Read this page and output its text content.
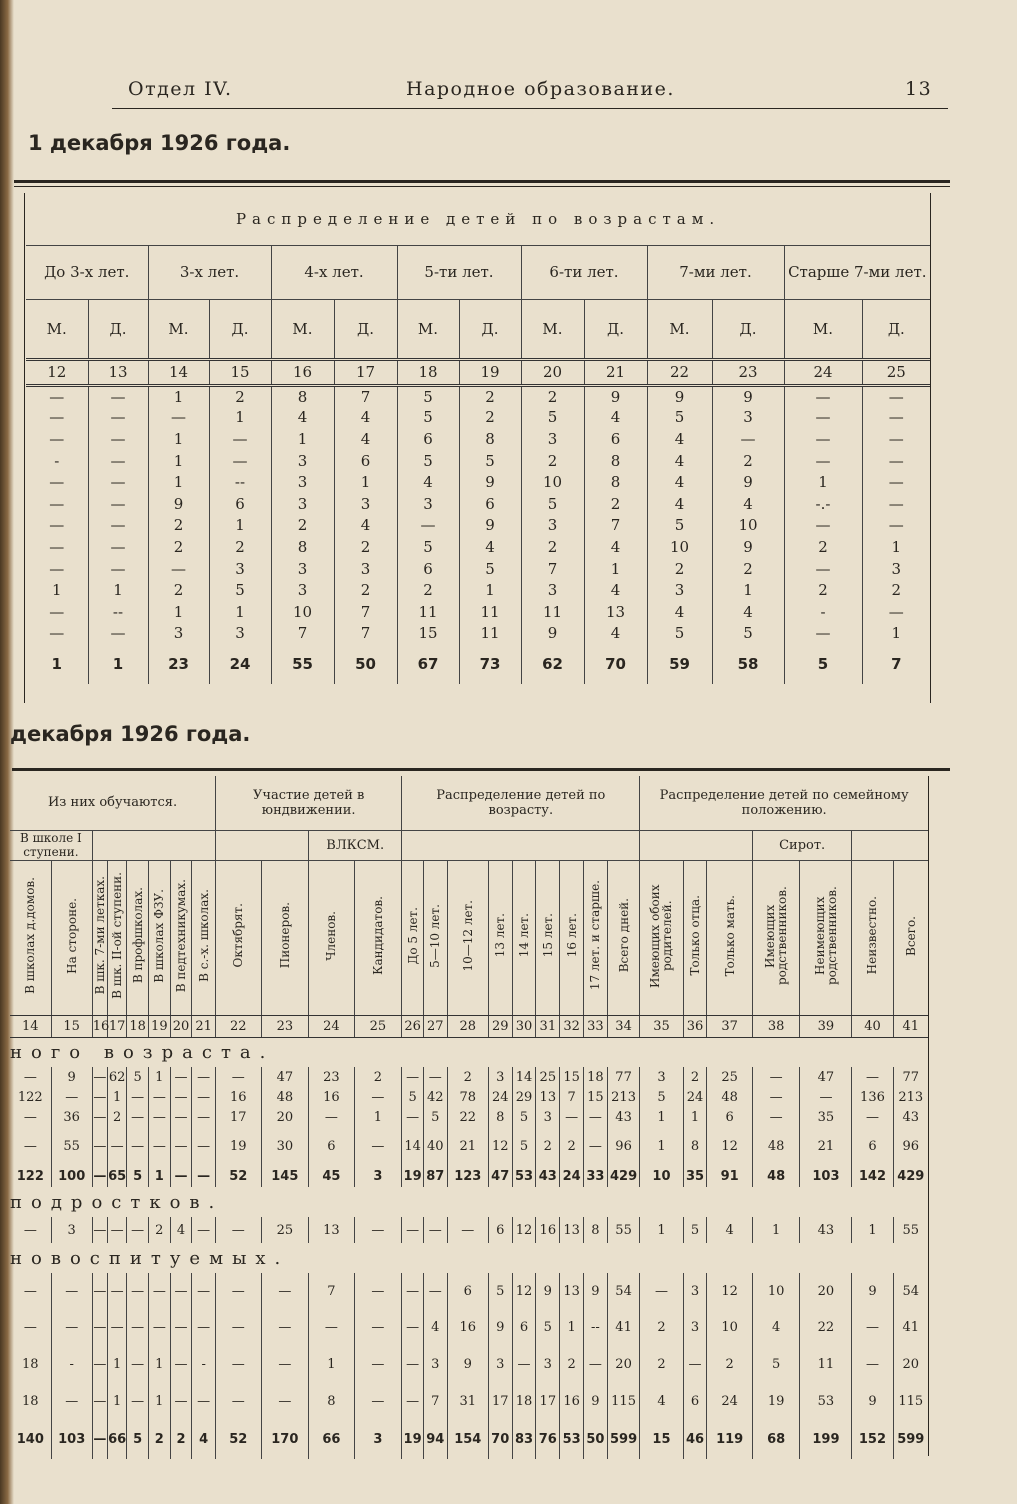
Отдел IV.	Народное образование.	13
1 декабря 1926 года.
Распределение детей по возрастам.													
До 3-х лет.		3-х лет.		4-х лет.		5-ти лет.		6-ти лет.		7-ми лет.		Старше 7-ми лет.	
М.	Д.	М.	Д.	М.	Д.	М.	Д.	М.	Д.	М.	Д.	М.	Д.
12	13	14	15	16	17	18	19	20	21	22	23	24	25
—	—	1	2	8	7	5	2	2	9	9	9	—	—
—	—	—	1	4	4	5	2	5	4	5	3	—	—
—	—	1	—	1	4	6	8	3	6	4	—	—	—
-	—	1	—	3	6	5	5	2	8	4	2	—	—
—	—	1	--	3	1	4	9	10	8	4	9	1	—
—	—	9	6	3	3	3	6	5	2	4	4	-.-	—
—	—	2	1	2	4	—	9	3	7	5	10	—	—
—	—	2	2	8	2	5	4	2	4	10	9	2	1
—	—	—	3	3	3	6	5	7	1	2	2	—	3
1	1	2	5	3	2	2	1	3	4	3	1	2	2
—	--	1	1	10	7	11	11	11	13	4	4	-	—
—	—	3	3	7	7	15	11	9	4	5	5	—	1
1	1	23	24	55	50	67	73	62	70	59	58	5	7
декабря 1926 года.
Из них обучаются.								Участие детей в юндвижении.				Распределение детей по возрасту.									Распределение детей по семейному положению.						
В школе I ступени.										ВЛКСМ.														Сирот.			
В школах д.домов.	На стороне.	В шк. 7-ми летках.	В шк. II-ой ступени.	В профшколах.	В школах ФЗУ.	В педтехникумах.	В с.-х. школах.	Октябрят.	Пионеров.	Членов.	Кандидатов.	До 5 лет.	5—10 лет.	10—12 лет.	13 лет.	14 лет.	15 лет.	16 лет.	17 лет. и старше.	Всего дней.	Имеющих обоих родителей.	Только отца.	Только мать.	Имеющих родственников.	Неимеющих родственников.	Неизвестно.	Всего.
14	15	16	17	18	19	20	21	22	23	24	25	26	27	28	29	30	31	32	33	34	35	36	37	38	39	40	41
ного возраста.																											
—	9	—	62	5	1	—	—	—	47	23	2	—	—	2	3	14	25	15	18	77	3	2	25	—	47	—	77
122	—	—	1	—	—	—	—	16	48	16	—	5	42	78	24	29	13	7	15	213	5	24	48	—	—	136	213
—	36	—	2	—	—	—	—	17	20	—	1	—	5	22	8	5	3	—	—	43	1	1	6	—	35	—	43
—	55	—	—	—	—	—	—	19	30	6	—	14	40	21	12	5	2	2	—	96	1	8	12	48	21	6	96
122	100	—	65	5	1	—	—	52	145	45	3	19	87	123	47	53	43	24	33	429	10	35	91	48	103	142	429
подростков.																											
—	3	—	—	—	2	4	—	—	25	13	—	—	—	—	6	12	16	13	8	55	1	5	4	1	43	1	55
новоспитуемых.																											
—	—	—	—	—	—	—	—	—	—	7	—	—	—	6	5	12	9	13	9	54	—	3	12	10	20	9	54
—	—	—	—	—	—	—	—	—	—	—	—	—	4	16	9	6	5	1	--	41	2	3	10	4	22	—	41
18	-	—	1	—	1	—	-	—	—	1	—	—	3	9	3	—	3	2	—	20	2	—	2	5	11	—	20
18	—	—	1	—	1	—	—	—	—	8	—	—	7	31	17	18	17	16	9	115	4	6	24	19	53	9	115
140	103	—	66	5	2	2	4	52	170	66	3	19	94	154	70	83	76	53	50	599	15	46	119	68	199	152	599
